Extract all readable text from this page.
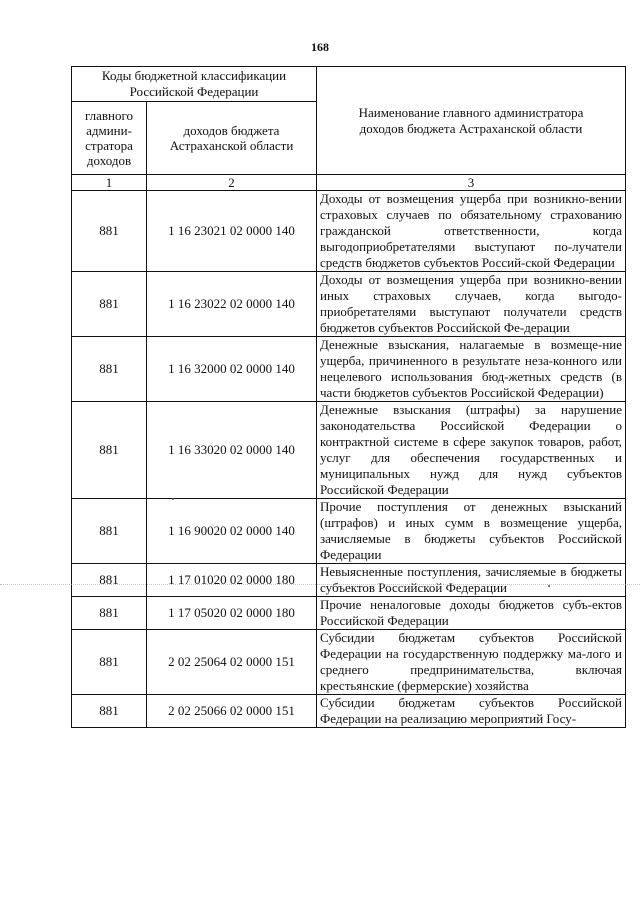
168
Коды бюджетной классификации Российской Федерации		Наименование главного администратора доходов бюджета Астраханской области
главного админи-стратора доходов	доходов бюджета Астраханской области	
1	2	3
881	1 16 23021 02 0000 140	Доходы от возмещения ущерба при возникно-вении страховых случаев по обязательному страхованию гражданской ответственности, когда выгодоприобретателями выступают по-лучатели средств бюджетов субъектов Россий-ской Федерации
881	1 16 23022 02 0000 140	Доходы от возмещения ущерба при возникно-вении иных страховых случаев, когда выгодо-приобретателями выступают получатели средств бюджетов субъектов Российской Фе-дерации
881	1 16 32000 02 0000 140	Денежные взыскания, налагаемые в возмеще-ние ущерба, причиненного в результате неза-конного или нецелевого использования бюд-жетных средств (в части бюджетов субъектов Российской Федерации)
881	1 16 33020 02 0000 140	Денежные взыскания (штрафы) за нарушение законодательства Российской Федерации о контрактной системе в сфере закупок товаров, работ, услуг для обеспечения государственных и муниципальных нужд для нужд субъектов Российской Федерации
881	1 16 90020 02 0000 140	Прочие поступления от денежных взысканий (штрафов) и иных сумм в возмещение ущерба, зачисляемые в бюджеты субъектов Российской Федерации
881	1 17 01020 02 0000 180	Невыясненные поступления, зачисляемые в бюджеты субъектов Российской Федерации
881	1 17 05020 02 0000 180	Прочие неналоговые доходы бюджетов субъ-ектов Российской Федерации
881	2 02 25064 02 0000 151	Субсидии бюджетам субъектов Российской Федерации на государственную поддержку ма-лого и среднего предпринимательства, включая крестьянские (фермерские) хозяйства
881	2 02 25066 02 0000 151	Субсидии бюджетам субъектов Российской Федерации на реализацию мероприятий Госу-
